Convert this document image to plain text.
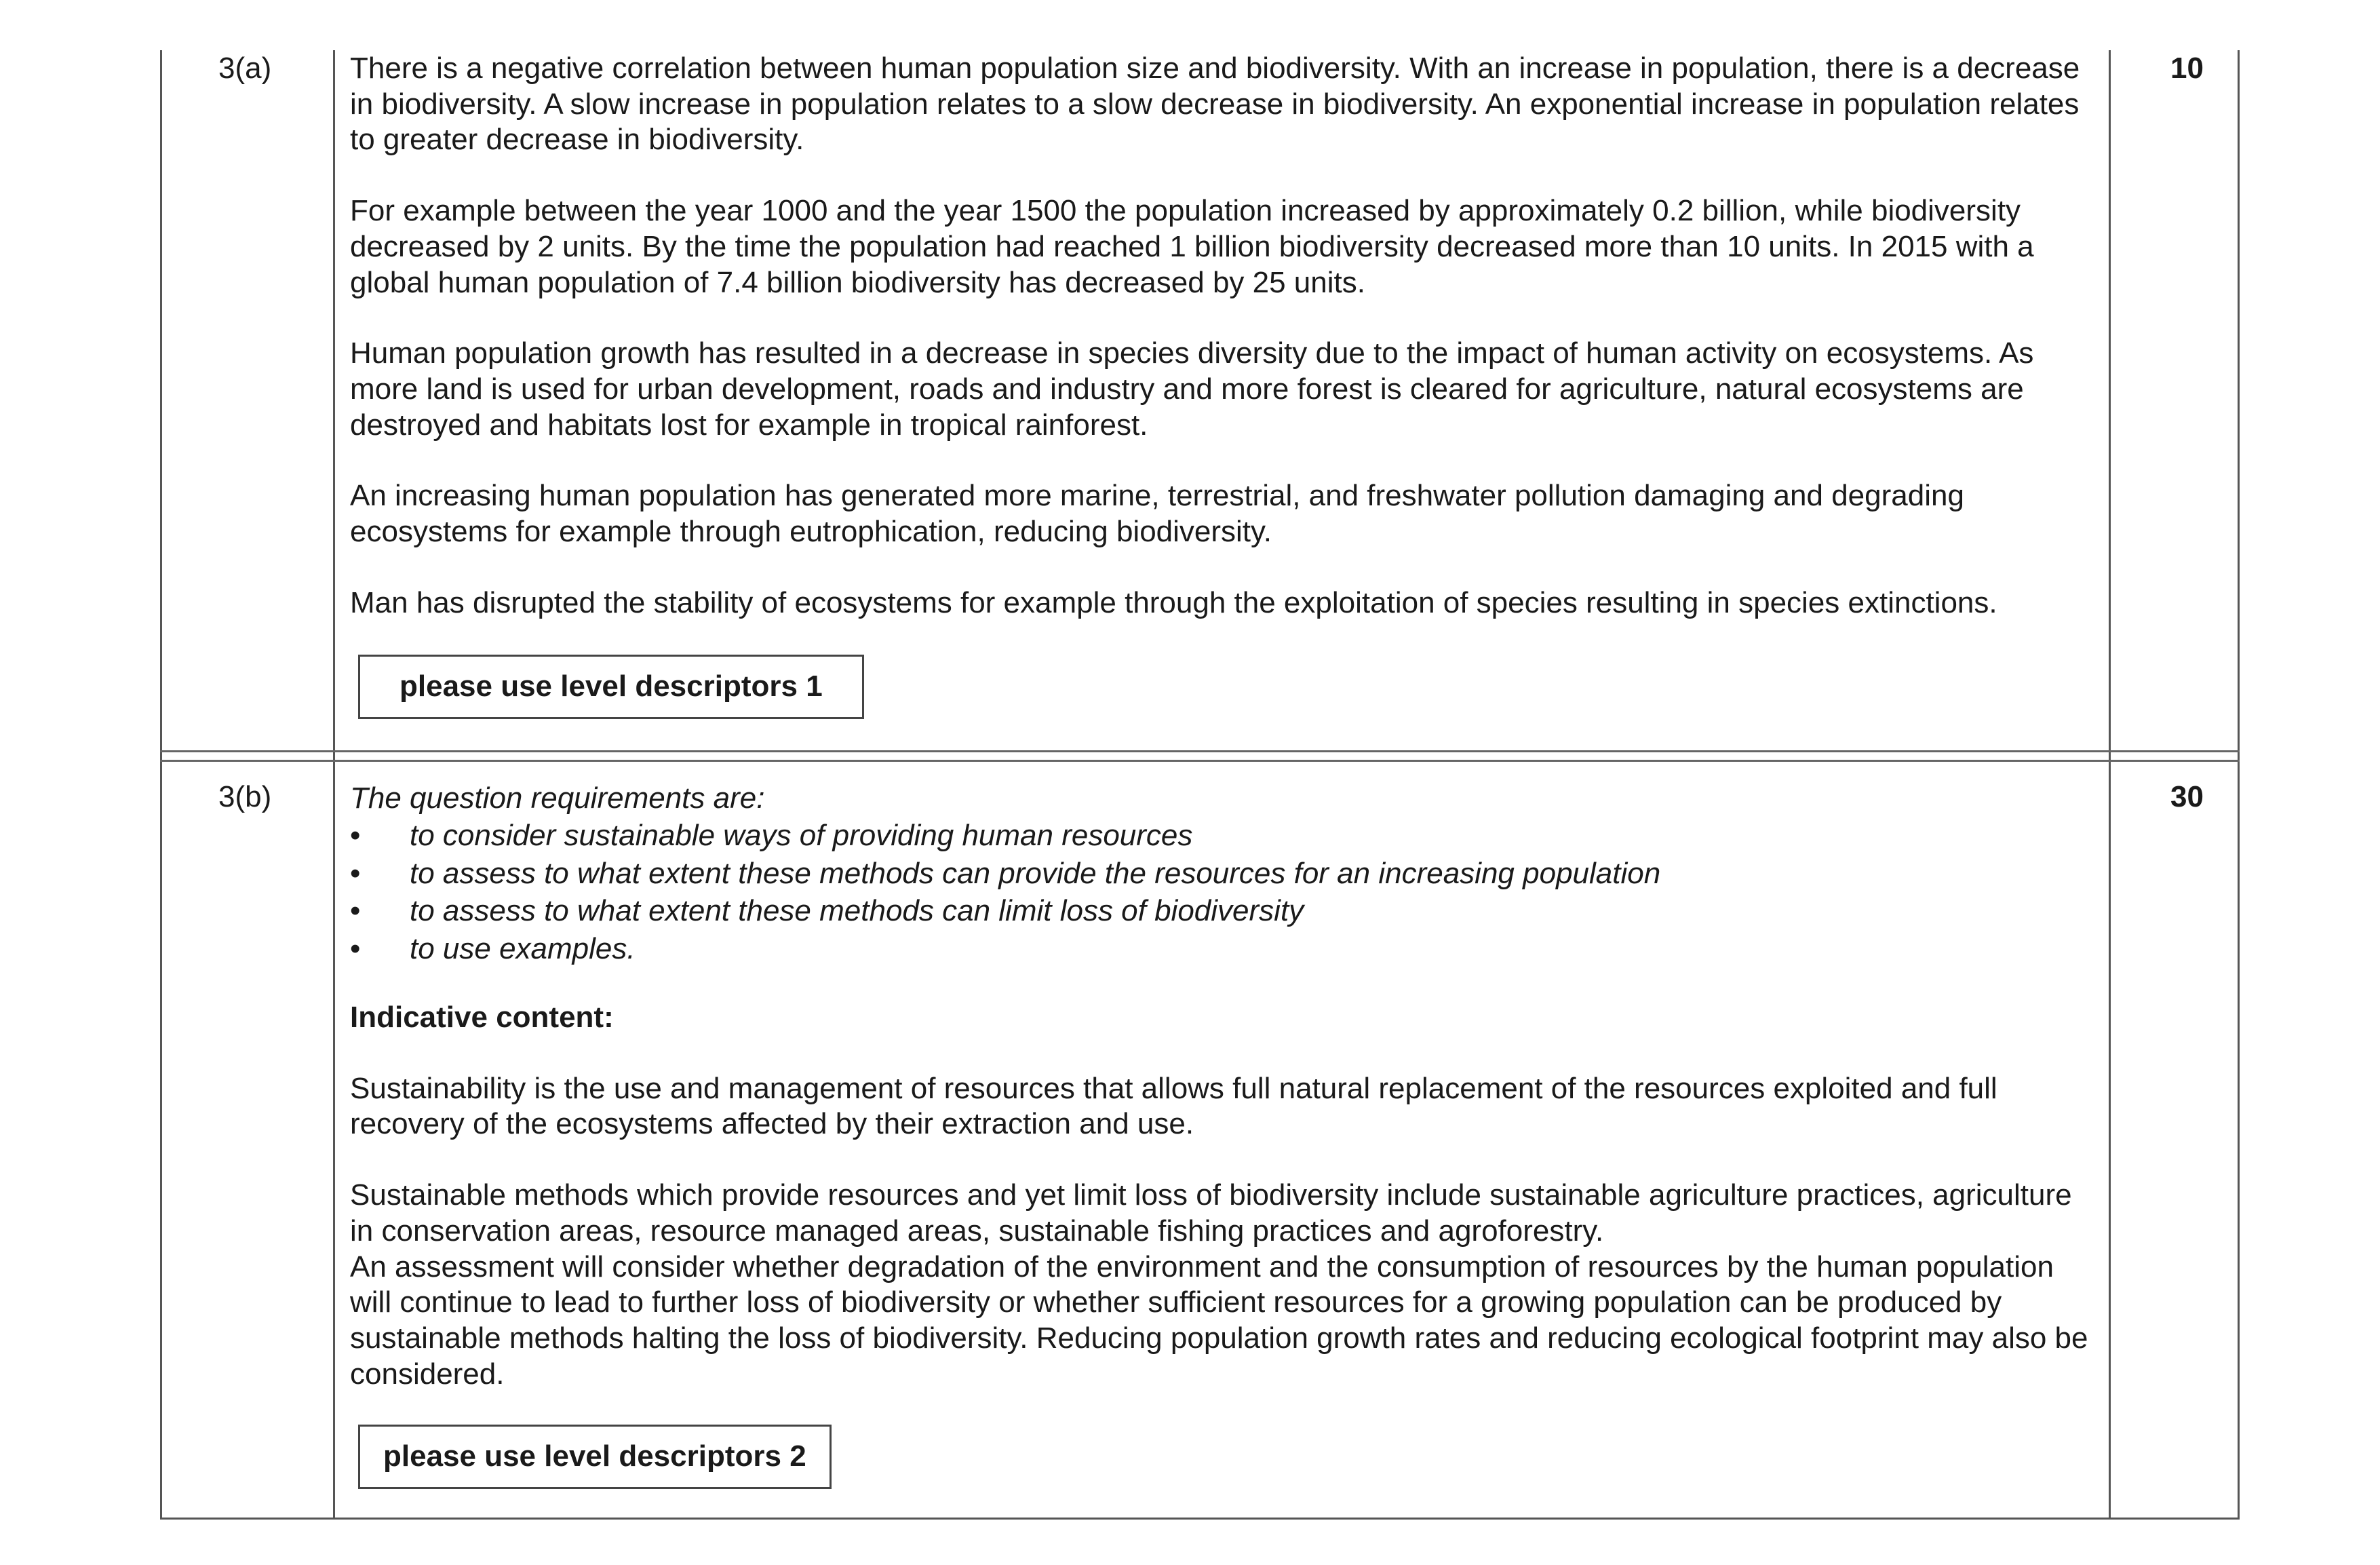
3(a)	10

There is a negative correlation between human population size and biodiversity. With an increase in population, there is a decrease in biodiversity. A slow increase in population relates to a slow decrease in biodiversity. An exponential increase in population relates to greater decrease in biodiversity.

For example between the year 1000 and the year 1500 the population increased by approximately 0.2 billion, while biodiversity decreased by 2 units. By the time the population had reached 1 billion biodiversity decreased more than 10 units. In 2015 with a global human population of 7.4 billion biodiversity has decreased by 25 units.

Human population growth has resulted in a decrease in species diversity due to the impact of human activity on ecosystems. As more land is used for urban development, roads and industry and more forest is cleared for agriculture, natural ecosystems are destroyed and habitats lost for example in tropical rainforest.

An increasing human population has generated more marine, terrestrial, and freshwater pollution damaging and degrading ecosystems for example through eutrophication, reducing biodiversity.

Man has disrupted the stability of ecosystems for example through the exploitation of species resulting in species extinctions.

please use level descriptors 1
3(b)	30

The question requirements are:

• to consider sustainable ways of providing human resources
• to assess to what extent these methods can provide the resources for an increasing population
• to assess to what extent these methods can limit loss of biodiversity
• to use examples.

Indicative content:

Sustainability is the use and management of resources that allows full natural replacement of the resources exploited and full recovery of the ecosystems affected by their extraction and use.

Sustainable methods which provide resources and yet limit loss of biodiversity include sustainable agriculture practices, agriculture in conservation areas, resource managed areas, sustainable fishing practices and agroforestry.

An assessment will consider whether degradation of the environment and the consumption of resources by the human population will continue to lead to further loss of biodiversity or whether sufficient resources for a growing population can be produced by sustainable methods halting the loss of biodiversity. Reducing population growth rates and reducing ecological footprint may also be considered.

please use level descriptors 2
